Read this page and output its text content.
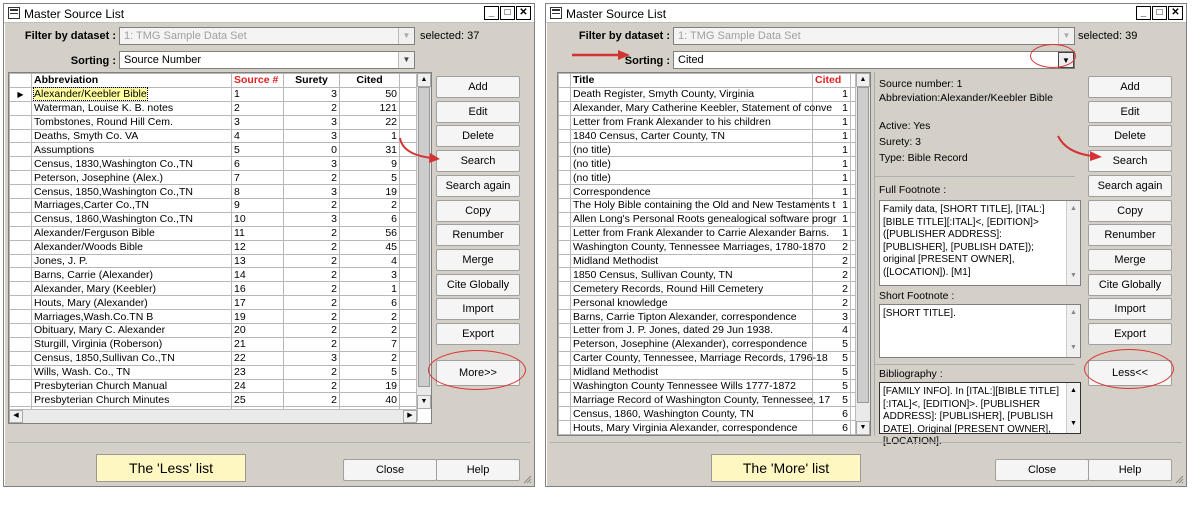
Master Source List	_	□ ✕
Filter by dataset : 1: TMG Sample Data Set	▼ selected: 37
Sorting : Source Number	▼
	Abbreviation	Source #	Surety	Cited	
▶	Alexander/Keebler Bible	1	3	50	
	Waterman, Louise K. B. notes	2	2	121	
	Tombstones, Round Hill Cem.	3	3	22	
	Deaths, Smyth Co. VA	4	3	1	
	Assumptions	5	0	31	
	Census, 1830,Washington Co.,TN	6	3	9	
	Peterson, Josephine (Alex.)	7	2	5	
	Census, 1850,Washington Co.,TN	8	3	19	
	Marriages,Carter Co.,TN	9	2	2	
	Census, 1860,Washington Co.,TN	10	3	6	
	Alexander/Ferguson Bible	11	2	56	
	Alexander/Woods Bible	12	2	45	
	Jones, J. P.	13	2	4	
	Barns, Carrie (Alexander)	14	2	3	
	Alexander, Mary (Keebler)	16	2	1	
	Houts, Mary (Alexander)	17	2	6	
	Marriages,Wash.Co.TN B	19	2	2	
	Obituary, Mary C. Alexander	20	2	2	
	Sturgill, Virginia (Roberson)	21	2	7	
	Census, 1850,Sullivan Co.,TN	22	3	2	
	Wills, Wash. Co., TN	23	2	5	
	Presbyterian Church Manual	24	2	19	
	Presbyterian Church Minutes	25	2	40	

▲
▼
◀	▶
Add
Edit
Delete
Search
Search again
Copy
Renumber
Merge
Cite Globally
Import
Export
More>>
The 'Less' list	Close	Help
Master Source List	_	□ ✕
Filter by dataset : 1: TMG Sample Data Set	▼ selected: 39
Sorting : Cited	▼
	Title	Cited	
	Death Register, Smyth County, Virginia	1	
	Alexander, Mary Catherine Keebler, Statement of conve	1	
	Letter from Frank Alexander to his children	1	
	1840 Census, Carter County, TN	1	
	(no title)	1	
	(no title)	1	
	(no title)	1	
	Correspondence	1	
	The Holy Bible containing the Old and New Testaments t	1	
	Allen Long's Personal Roots genealogical software progr	1	
	Letter from Frank Alexander to Carrie Alexander Barns.	1	
	Washington County, Tennessee Marriages, 1780-1870	2	
	Midland Methodist	2	
	1850 Census, Sullivan County, TN	2	
	Cemetery Records, Round Hill Cemetery	2	
	Personal knowledge	2	
	Barns, Carrie Tipton Alexander, correspondence	3	
	Letter from J. P. Jones, dated 29 Jun 1938.	4	
	Peterson, Josephine (Alexander), correspondence	5	
	Carter County, Tennessee, Marriage Records, 1796-18	5	
	Midland Methodist	5	
	Washington County Tennessee Wills 1777-1872	5	
	Marriage Record of Washington County, Tennessee, 17	5	
	Census, 1860, Washington County, TN	6	
	Houts, Mary Virginia Alexander, correspondence	6	
▲
▼
Source number: 1
Abbreviation:Alexander/Keebler Bible
Active: Yes
Surety: 3
Type: Bible Record
Full Footnote :
Family data, [SHORT TITLE], [ITAL:][BIBLE TITLE][:ITAL]<, [EDITION]> ([PUBLISHER ADDRESS]: [PUBLISHER], [PUBLISH DATE]); original [PRESENT OWNER], ([LOCATION]). [M1]
▲
▼
Short Footnote :
[SHORT TITLE].	▲
▼
Bibliography :
[FAMILY INFO]. In [ITAL:][BIBLE TITLE][:ITAL]<, [EDITION]>. [PUBLISHER ADDRESS]: [PUBLISHER], [PUBLISH DATE]. Original [PRESENT OWNER],
▲
▼
Add
Edit
Delete
Search
Search again
Copy
Renumber
Merge
Cite Globally
Import
Export
Less<<
The 'More' list	Close	Help
